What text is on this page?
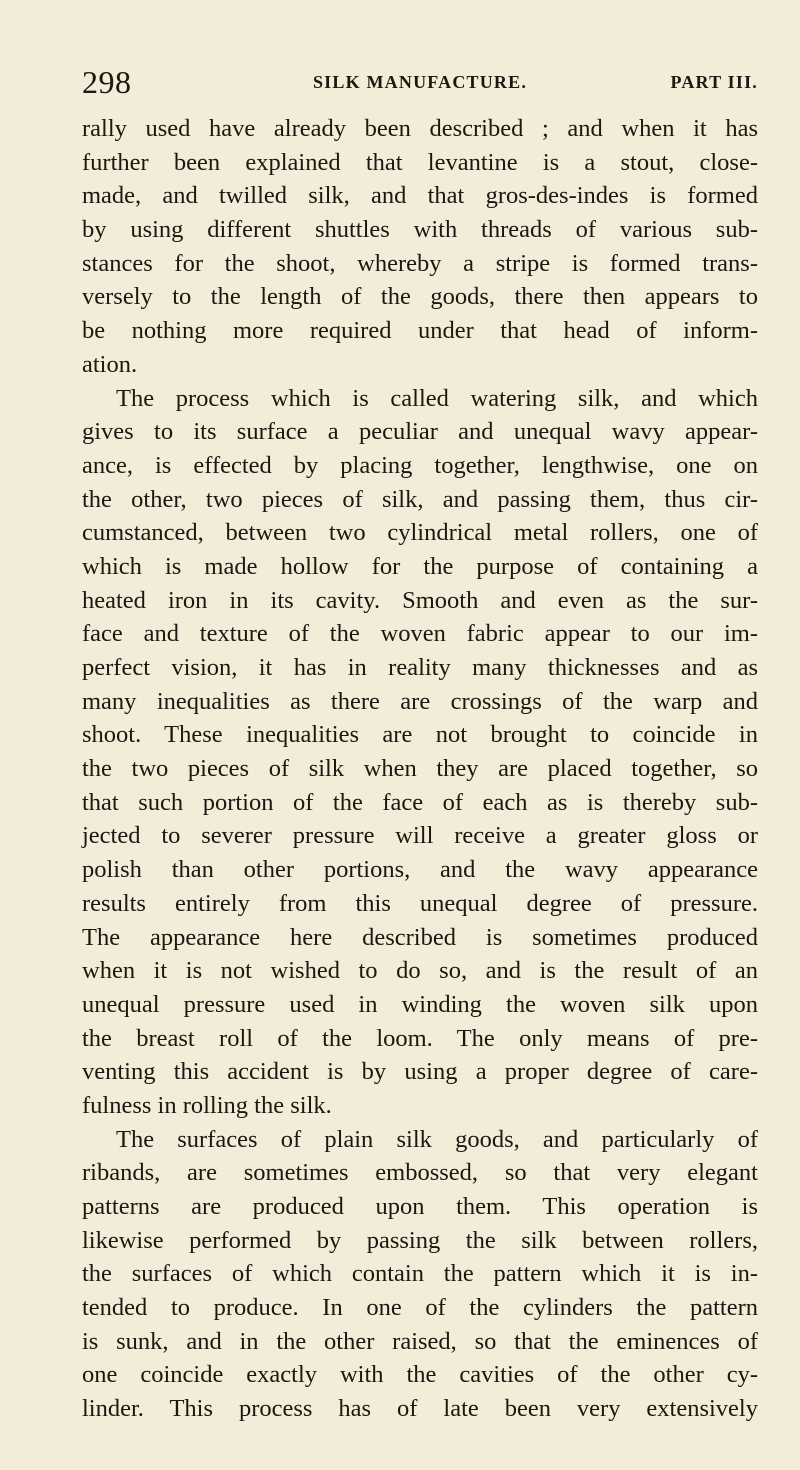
298	SILK MANUFACTURE.	PART III.
rally used have already been described ; and when it has
further been explained that levantine is a stout, close-
made, and twilled silk, and that gros-des-indes is formed
by using different shuttles with threads of various sub-
stances for the shoot, whereby a stripe is formed trans-
versely to the length of the goods, there then appears to
be nothing more required under that head of inform-
ation.
The process which is called watering silk, and which
gives to its surface a peculiar and unequal wavy appear-
ance, is effected by placing together, lengthwise, one on
the other, two pieces of silk, and passing them, thus cir-
cumstanced, between two cylindrical metal rollers, one of
which is made hollow for the purpose of containing a
heated iron in its cavity. Smooth and even as the sur-
face and texture of the woven fabric appear to our im-
perfect vision, it has in reality many thicknesses and as
many inequalities as there are crossings of the warp and
shoot. These inequalities are not brought to coincide in
the two pieces of silk when they are placed together, so
that such portion of the face of each as is thereby sub-
jected to severer pressure will receive a greater gloss or
polish than other portions, and the wavy appearance
results entirely from this unequal degree of pressure.
The appearance here described is sometimes produced
when it is not wished to do so, and is the result of an
unequal pressure used in winding the woven silk upon
the breast roll of the loom. The only means of pre-
venting this accident is by using a proper degree of care-
fulness in rolling the silk.
The surfaces of plain silk goods, and particularly of
ribands, are sometimes embossed, so that very elegant
patterns are produced upon them. This operation is
likewise performed by passing the silk between rollers,
the surfaces of which contain the pattern which it is in-
tended to produce. In one of the cylinders the pattern
is sunk, and in the other raised, so that the eminences of
one coincide exactly with the cavities of the other cy-
linder. This process has of late been very extensively
